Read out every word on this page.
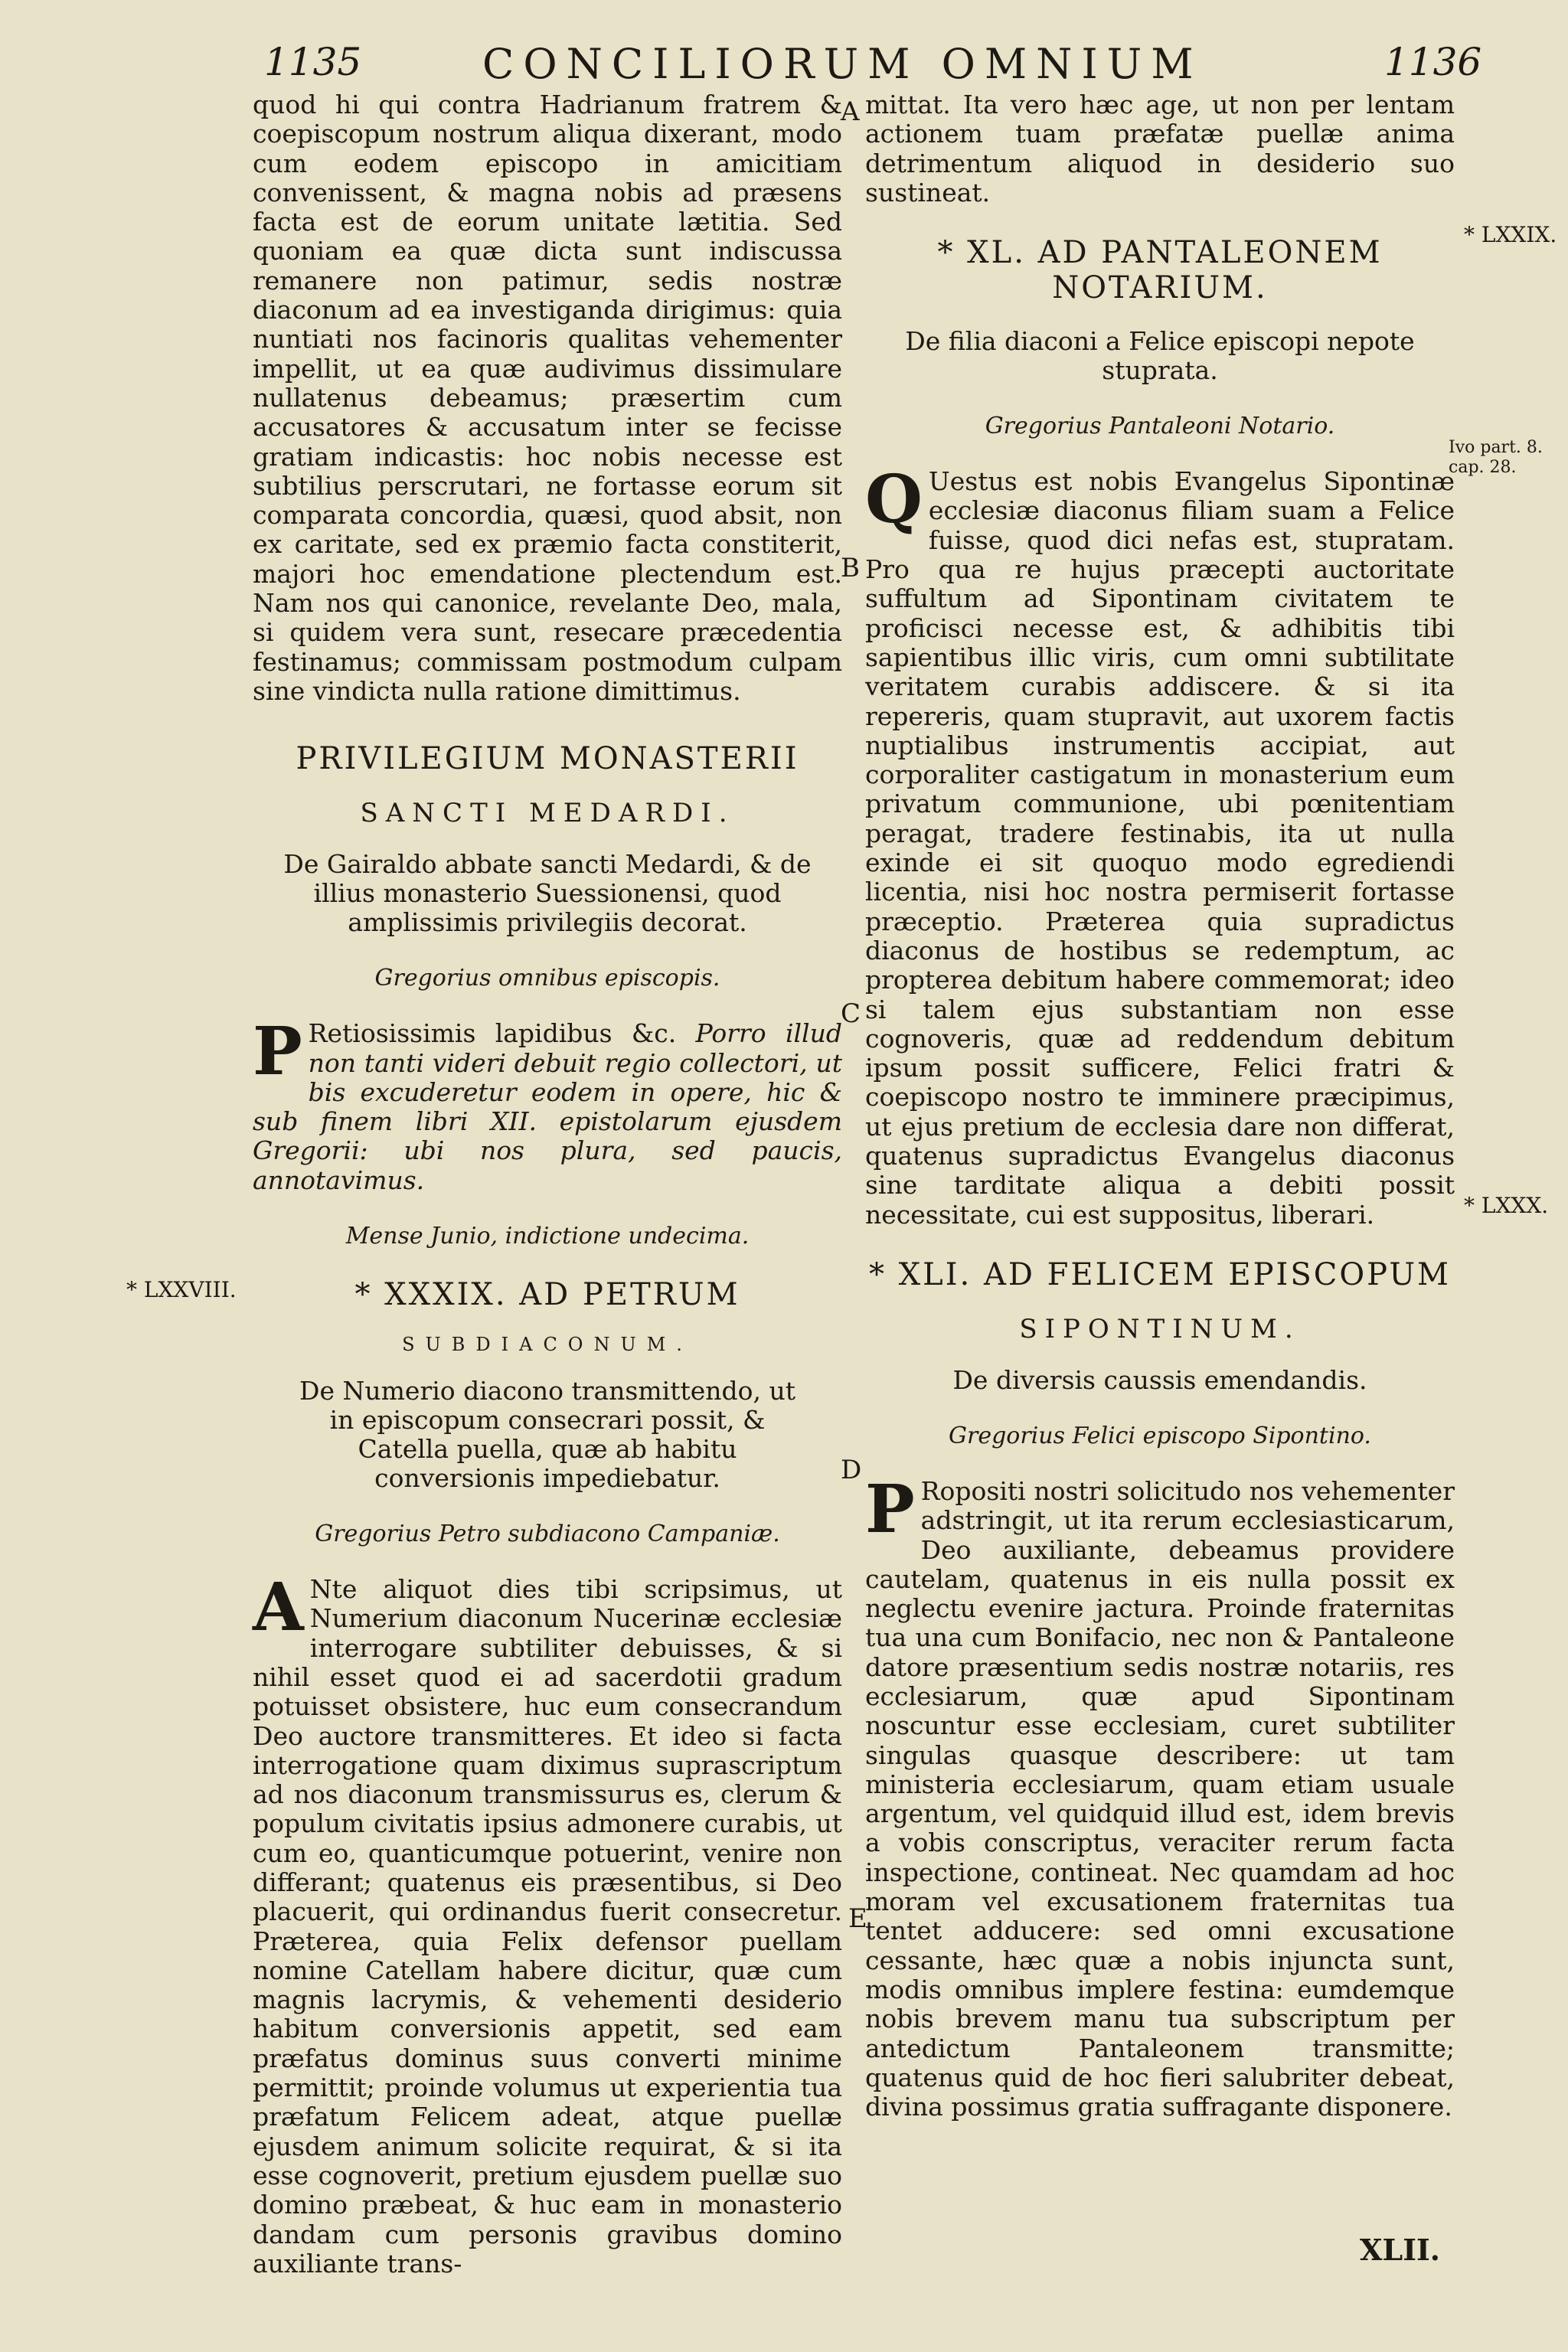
1135	CONCILIORUM OMNIUM	1136

quod hi qui contra Hadrianum fratrem & coepiscopum nostrum aliqua dixerant, modo cum eodem episcopo in amicitiam convenissent, & magna nobis ad præsens facta est de eorum unitate lætitia. Sed quoniam ea quæ dicta sunt indiscussa remanere non patimur, sedis nostræ diaconum ad ea investiganda dirigimus: quia nuntiati nos facinoris qualitas vehementer impellit, ut ea quæ audivimus dissimulare nullatenus debeamus; præsertim cum accusatores & accusatum inter se fecisse gratiam indicastis: hoc nobis necesse est subtilius perscrutari, ne fortasse eorum sit comparata concordia, quæsi, quod absit, non ex caritate, sed ex præmio facta constiterit, majori hoc emendatione plectendum est. Nam nos qui canonice, revelante Deo, mala, si quidem vera sunt, resecare præcedentia festinamus; commissam postmodum culpam sine vindicta nulla ratione dimittimus.

PRIVILEGIUM MONASTERII

SANCTI MEDARDI.

De Gairaldo abbate sancti Medardi, & de illius monasterio Suessionensi, quod amplissimis privilegiis decorat.

Gregorius omnibus episcopis.

P Retiosissimis lapidibus &c. Porro illud non tanti videri debuit regio collectori, ut bis excuderetur eodem in opere, hic & sub finem libri XII. epistolarum ejusdem Gregorii: ubi nos plura, sed paucis, annotavimus.

Mense Junio, indictione undecima.

* XXXIX. AD PETRUM

SUBDIACONUM.

De Numerio diacono transmittendo, ut in episcopum consecrari possit, & Catella puella, quæ ab habitu conversionis impediebatur.

Gregorius Petro subdiacono Campaniæ.

A Nte aliquot dies tibi scripsimus, ut Numerium diaconum Nucerinæ ecclesiæ interrogare subtiliter debuisses, & si nihil esset quod ei ad sacerdotii gradum potuisset obsistere, huc eum consecrandum Deo auctore transmitteres. Et ideo si facta interrogatione quam diximus suprascriptum ad nos diaconum transmissurus es, clerum & populum civitatis ipsius admonere curabis, ut cum eo, quanticumque potuerint, venire non differant; quatenus eis præsentibus, si Deo placuerit, qui ordinandus fuerit consecretur. Præterea, quia Felix defensor puellam nomine Catellam habere dicitur, quæ cum magnis lacrymis, & vehementi desiderio habitum conversionis appetit, sed eam præfatus dominus suus converti minime permittit; proinde volumus ut experientia tua præfatum Felicem adeat, atque puellæ ejusdem animum solicite requirat, & si ita esse cognoverit, pretium ejusdem puellæ suo domino præbeat, & huc eam in monasterio dandam cum personis gravibus domino auxiliante trans-

* LXXVIII.

mittat. Ita vero hæc age, ut non per lentam actionem tuam præfatæ puellæ anima detrimentum aliquod in desiderio suo sustineat.

* XL. AD PANTALEONEM NOTARIUM.

De filia diaconi a Felice episcopi nepote stuprata.

Gregorius Pantaleoni Notario.

Q Uestus est nobis Evangelus Sipontinæ ecclesiæ diaconus filiam suam a Felice fuisse, quod dici nefas est, stupratam. Pro qua re hujus præcepti auctoritate suffultum ad Sipontinam civitatem te proficisci necesse est, & adhibitis tibi sapientibus illic viris, cum omni subtilitate veritatem curabis addiscere. & si ita repereris, quam stupravit, aut uxorem factis nuptialibus instrumentis accipiat, aut corporaliter castigatum in monasterium eum privatum communione, ubi pœnitentiam peragat, tradere festinabis, ita ut nulla exinde ei sit quoquo modo egrediendi licentia, nisi hoc nostra permiserit fortasse præceptio. Præterea quia supradictus diaconus de hostibus se redemptum, ac propterea debitum habere commemorat; ideo si talem ejus substantiam non esse cognoveris, quæ ad reddendum debitum ipsum possit sufficere, Felici fratri & coepiscopo nostro te imminere præcipimus, ut ejus pretium de ecclesia dare non differat, quatenus supradictus Evangelus diaconus sine tarditate aliqua a debiti possit necessitate, cui est suppositus, liberari.

* XLI. AD FELICEM EPISCOPUM

SIPONTINUM.

De diversis caussis emendandis.

Gregorius Felici episcopo Sipontino.

P Ropositi nostri solicitudo nos vehementer adstringit, ut ita rerum ecclesiasticarum, Deo auxiliante, debeamus providere cautelam, quatenus in eis nulla possit ex neglectu evenire jactura. Proinde fraternitas tua una cum Bonifacio, nec non & Pantaleone datore præsentium sedis nostræ notariis, res ecclesiarum, quæ apud Sipontinam noscuntur esse ecclesiam, curet subtiliter singulas quasque describere: ut tam ministeria ecclesiarum, quam etiam usuale argentum, vel quidquid illud est, idem brevis a vobis conscriptus, veraciter rerum facta inspectione, contineat. Nec quamdam ad hoc moram vel excusationem fraternitas tua tentet adducere: sed omni excusatione cessante, hæc quæ a nobis injuncta sunt, modis omnibus implere festina: eumdemque nobis brevem manu tua subscriptum per antedictum Pantaleonem transmitte; quatenus quid de hoc fieri salubriter debeat, divina possimus gratia suffragante disponere.

* LXXIX.
Ivo part. 8. cap. 28.
* LXXX.
A
B
C
D
E
XLII.
